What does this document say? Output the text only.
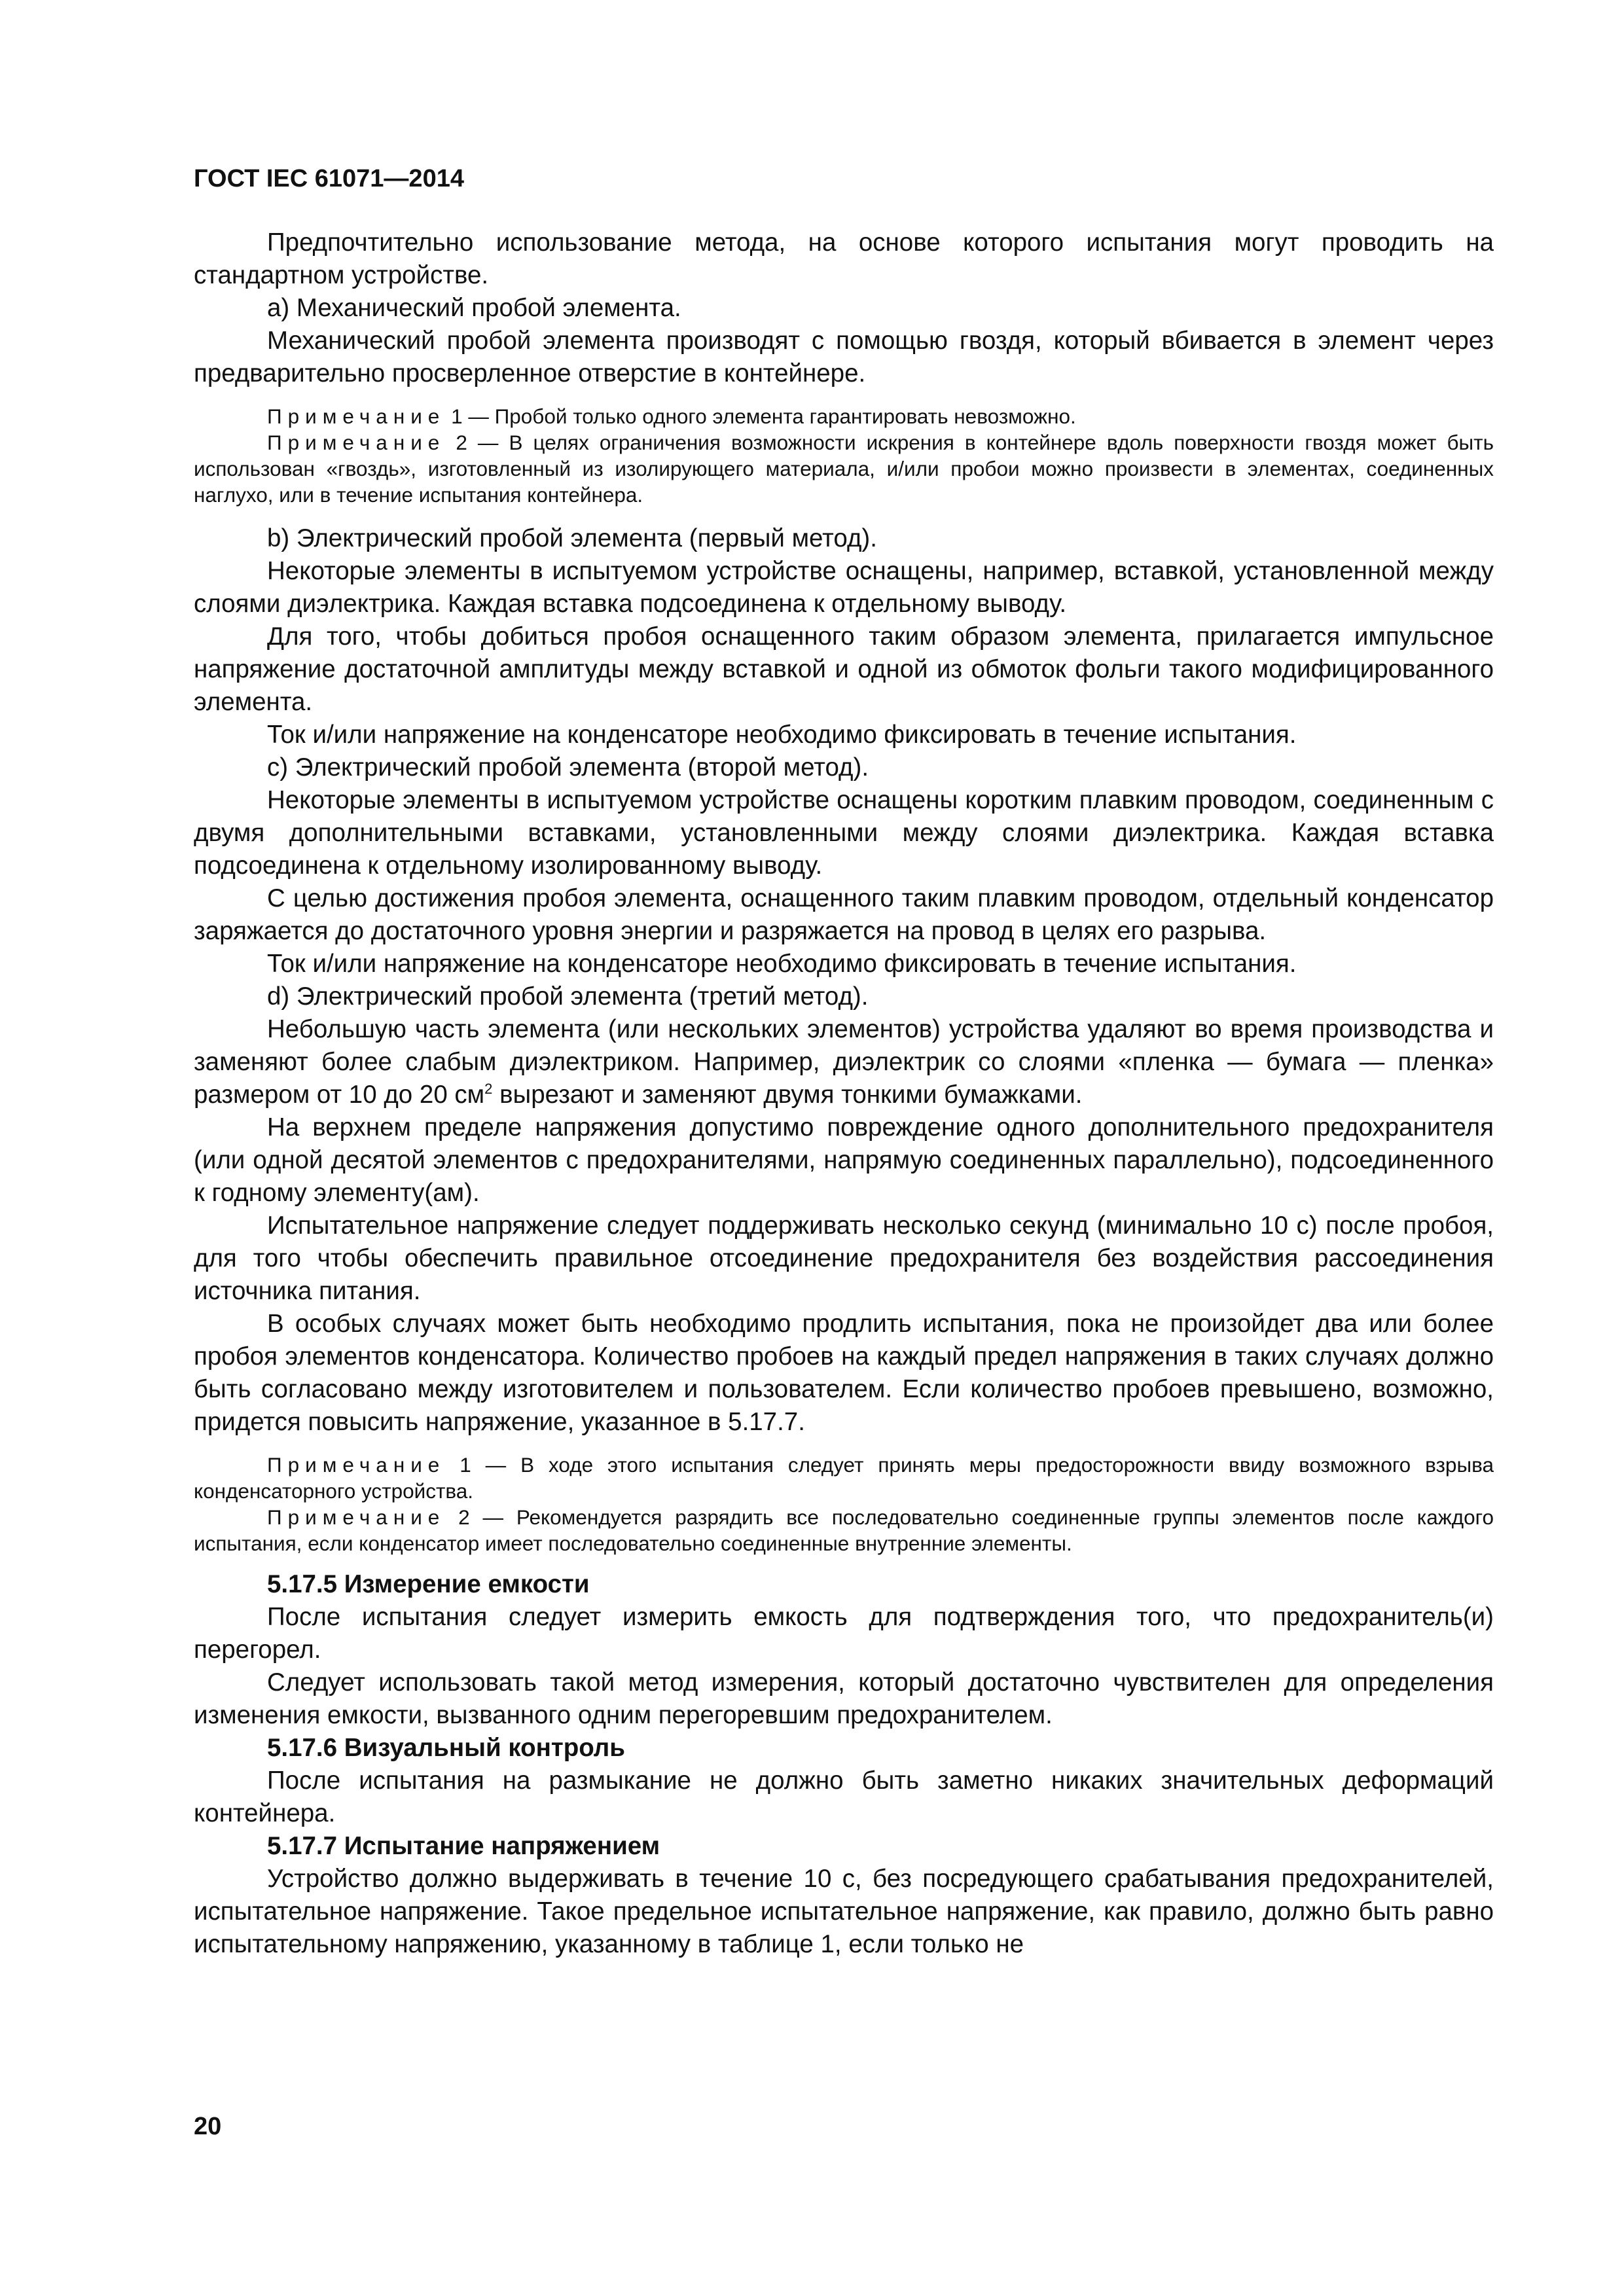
ГОСТ IEC 61071—2014

Предпочтительно использование метода, на основе которого испытания могут проводить на стандартном устройстве.

a) Механический пробой элемента.

Механический пробой элемента производят с помощью гвоздя, который вбивается в элемент через предварительно просверленное отверстие в контейнере.

Примечание 1 — Пробой только одного элемента гарантировать невозможно.

Примечание 2 — В целях ограничения возможности искрения в контейнере вдоль поверхности гвоздя может быть использован «гвоздь», изготовленный из изолирующего материала, и/или пробои можно произвести в элементах, соединенных наглухо, или в течение испытания контейнера.

b) Электрический пробой элемента (первый метод).

Некоторые элементы в испытуемом устройстве оснащены, например, вставкой, установленной между слоями диэлектрика. Каждая вставка подсоединена к отдельному выводу.

Для того, чтобы добиться пробоя оснащенного таким образом элемента, прилагается импульсное напряжение достаточной амплитуды между вставкой и одной из обмоток фольги такого модифицированного элемента.

Ток и/или напряжение на конденсаторе необходимо фиксировать в течение испытания.

c) Электрический пробой элемента (второй метод).

Некоторые элементы в испытуемом устройстве оснащены коротким плавким проводом, соединенным с двумя дополнительными вставками, установленными между слоями диэлектрика. Каждая вставка подсоединена к отдельному изолированному выводу.

С целью достижения пробоя элемента, оснащенного таким плавким проводом, отдельный конденсатор заряжается до достаточного уровня энергии и разряжается на провод в целях его разрыва.

Ток и/или напряжение на конденсаторе необходимо фиксировать в течение испытания.

d) Электрический пробой элемента (третий метод).

Небольшую часть элемента (или нескольких элементов) устройства удаляют во время производства и заменяют более слабым диэлектриком. Например, диэлектрик со слоями «пленка — бумага — пленка» размером от 10 до 20 $см^2$ вырезают и заменяют двумя тонкими бумажками.

На верхнем пределе напряжения допустимо повреждение одного дополнительного предохранителя (или одной десятой элементов с предохранителями, напрямую соединенных параллельно), подсоединенного к годному элементу(ам).

Испытательное напряжение следует поддерживать несколько секунд (минимально 10 с) после пробоя, для того чтобы обеспечить правильное отсоединение предохранителя без воздействия рассоединения источника питания.

В особых случаях может быть необходимо продлить испытания, пока не произойдет два или более пробоя элементов конденсатора. Количество пробоев на каждый предел напряжения в таких случаях должно быть согласовано между изготовителем и пользователем. Если количество пробоев превышено, возможно, придется повысить напряжение, указанное в 5.17.7.

Примечание 1 — В ходе этого испытания следует принять меры предосторожности ввиду возможного взрыва конденсаторного устройства.

Примечание 2 — Рекомендуется разрядить все последовательно соединенные группы элементов после каждого испытания, если конденсатор имеет последовательно соединенные внутренние элементы.

5.17.5 Измерение емкости

После испытания следует измерить емкость для подтверждения того, что предохранитель(и) перегорел.

Следует использовать такой метод измерения, который достаточно чувствителен для определения изменения емкости, вызванного одним перегоревшим предохранителем.

5.17.6 Визуальный контроль

После испытания на размыкание не должно быть заметно никаких значительных деформаций контейнера.

5.17.7 Испытание напряжением

Устройство должно выдерживать в течение 10 с, без посредующего срабатывания предохранителей, испытательное напряжение. Такое предельное испытательное напряжение, как правило, должно быть равно испытательному напряжению, указанному в таблице 1, если только не

20
